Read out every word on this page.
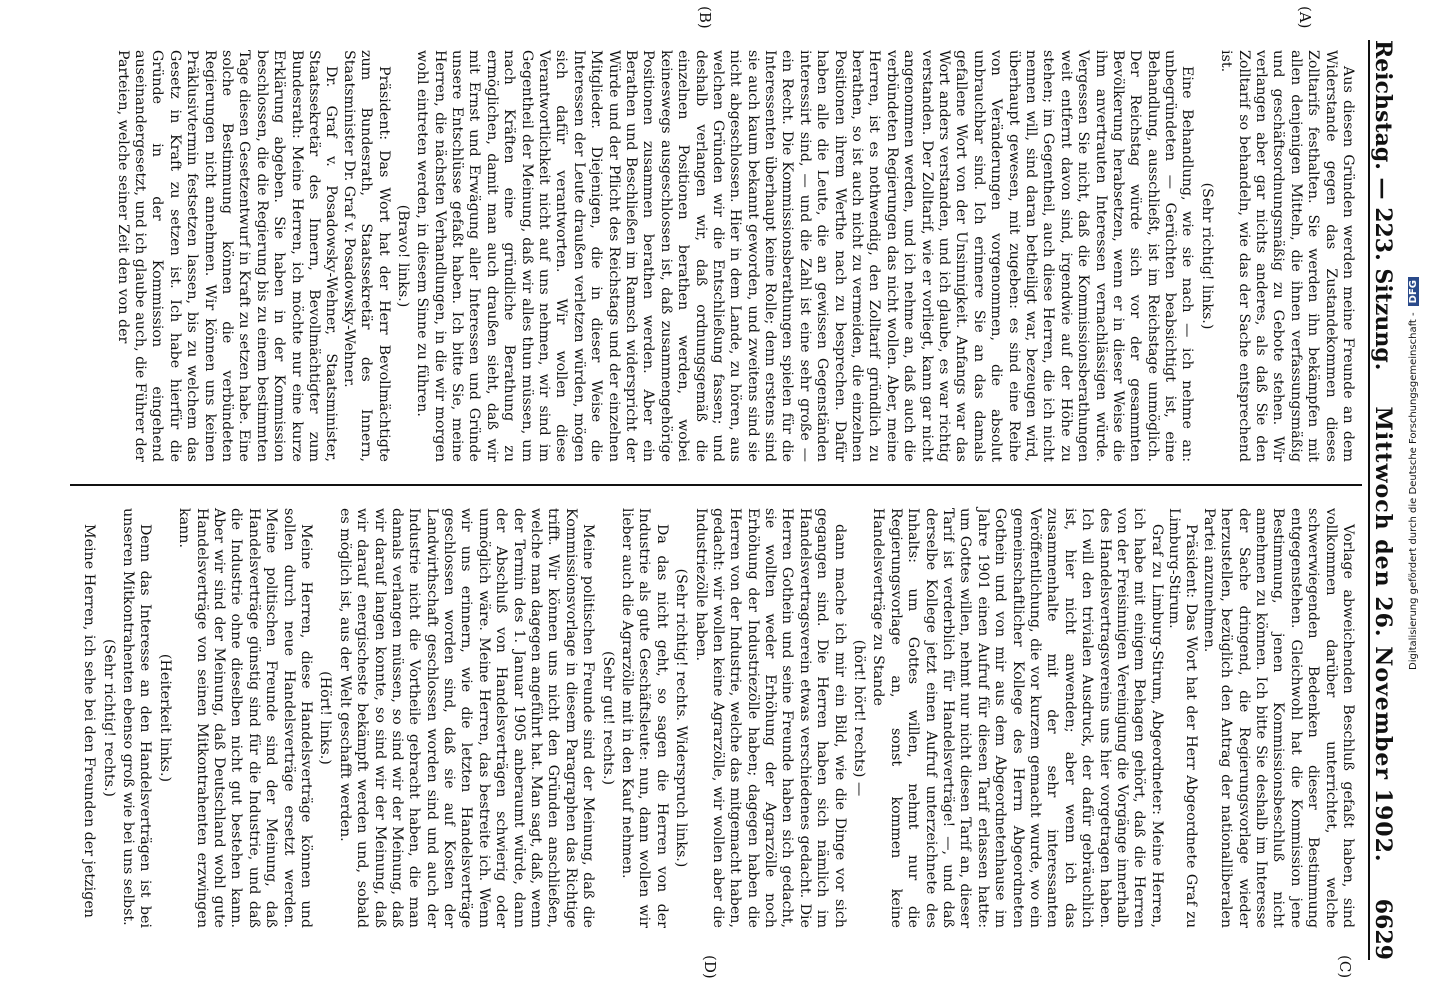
Reichstag. — 223. Sitzung.
Mittwoch den 26. November 1902.
6629
(A)
(B)
(C)
(D)

Aus diesen Gründen werden meine Freunde an dem Widerstande gegen das Zustandekommen dieses Zolltarifs festhalten. Sie werden ihn bekämpfen mit allen denjenigen Mitteln, die ihnen verfassungsmäßig und geschäftsordnungsmäßig zu Gebote stehen. Wir verlangen aber gar nichts anderes, als daß Sie den Zolltarif so behandeln, wie das der Sache entsprechend ist.

(Sehr richtig! links.)

Eine Behandlung, wie sie nach — ich nehme an: unbegründeten — Gerüchten beabsichtigt ist, eine Behandlung, ausschließt, ist im Reichstage unmöglich. Der Reichstag würde sich vor der gesammten Bevölkerung herabsetzen, wenn er in dieser Weise die ihm anvertrauten Interessen vernachlässigen würde. Vergessen Sie nicht, daß die Kommissionsberathungen weit entfernt davon sind, irgendwie auf der Höhe zu stehen; im Gegentheil, auch diese Herren, die ich nicht nennen will, sind daran betheiligt war, bezeugen wird, überhaupt gewesen, mit zugeben: es sind eine Reihe von Veränderungen vorgenommen, die absolut unbrauchbar sind. Ich erinnere Sie an das damals gefallene Wort von der Unsinnigkeit. Anfangs war das Wort anders verstanden, und ich glaube, es war richtig verstanden. Der Zolltarif, wie er vorliegt, kann gar nicht angenommen werden, und ich nehme an, daß auch die verbündeten Regierungen das nicht wollen. Aber, meine Herren, ist es nothwendig, den Zolltarif gründlich zu berathen, so ist auch nicht zu vermeiden, die einzelnen Positionen ihrem Werthe nach zu besprechen. Dafür haben alle die Leute, die an gewissen Gegenständen interessirt sind, — und die Zahl ist eine sehr große — ein Recht. Die Kommissionsberathungen spielen für die Interessenten überhaupt keine Rolle; denn erstens sind sie auch kaum bekannt geworden, und zweitens sind sie nicht abgeschlossen. Hier in dem Lande, zu hören, aus welchen Gründen wir die Entschließung fassen; und deshalb verlangen wir, daß ordnungsgemäß die einzelnen Positionen berathen werden, wobei keineswegs ausgeschlossen ist, daß zusammengehörige Positionen zusammen berathen werden. Aber ein Berathen und Beschließen im Ramsch widerspricht der Würde und der Pflicht des Reichstags und der einzelnen Mitglieder. Diejenigen, die in dieser Weise die Interessen der Leute draußen verletzen würden, mögen sich dafür verantworten. Wir wollen diese Verantwortlichkeit nicht auf uns nehmen, wir sind im Gegentheil der Meinung, daß wir alles thun müssen, um nach Kräften eine gründliche Berathung zu ermöglichen, damit man auch draußen sieht, daß wir mit Ernst und Erwägung aller Interessen und Gründe unsere Entschlüsse gefaßt haben. Ich bitte Sie, meine Herren, die nächsten Verhandlungen, in die wir morgen wohl eintreten werden, in diesem Sinne zu führen.

(Bravo! links.)

Präsident: Das Wort hat der Herr Bevollmächtigte zum Bundesrath, Staatssekretär des Innern, Staatsminister Dr. Graf v. Posadowsky-Wehner.

Dr. Graf v. Posadowsky-Wehner, Staatsminister, Staatssekretär des Innern, Bevollmächtigter zum Bundesrath: Meine Herren, ich möchte nur eine kurze Erklärung abgeben. Sie haben in der Kommission beschlossen, die die Regierung bis zu einem bestimmten Tage diesen Gesetzentwurf in Kraft zu setzen habe. Eine solche Bestimmung können die verbündeten Regierungen nicht annehmen. Wir können uns keinen Präklusivtermin festsetzen lassen, bis zu welchem das Gesetz in Kraft zu setzen ist. Ich habe hierfür die Gründe in der Kommission eingehend auseinandergesetzt, und ich glaube auch, die Führer der Parteien, welche seiner Zeit den von der

Vorlage abweichenden Beschluß gefaßt haben, sind vollkommen darüber unterrichtet, welche schwerwiegenden Bedenken dieser Bestimmung entgegenstehen. Gleichwohl hat die Kommission jene Bestimmung, jenen Kommissionsbeschluß nicht annehmen zu können. Ich bitte Sie deshalb im Interesse der Sache dringend, die Regierungsvorlage wieder herzustellen, bezüglich den Antrag der nationalliberalen Partei anzunehmen.

Präsident: Das Wort hat der Herr Abgeordnete Graf zu Limburg-Stirum.

Graf zu Limburg-Stirum, Abgeordneter: Meine Herren, ich habe mit einigem Behagen gehört, daß die Herren von der Freisinnigen Vereinigung die Vorgänge innerhalb des Handelsvertragsvereins uns hier vorgetragen haben. Ich will den trivialen Ausdruck, der dafür gebräuchlich ist, hier nicht anwenden; aber wenn ich das zusammenhalte mit der sehr interessanten Veröffentlichung, die vor kurzem gemacht wurde, wo ein gemeinschaftlicher Kollege des Herrn Abgeordneten Gothein und von mir aus dem Abgeordnetenhause im Jahre 1901 einen Aufruf für diesen Tarif erlassen hatte: um Gottes willen, nehmt nur nicht diesen Tarif an, dieser Tarif ist verderblich für Handelsverträge! —, und daß derselbe Kollege jetzt einen Aufruf unterzeichnete des Inhalts: um Gottes willen, nehmt nur die Regierungsvorlage an, sonst kommen keine Handelsverträge zu Stande

(hört! hört! rechts) —

dann mache ich mir ein Bild, wie die Dinge vor sich gegangen sind. Die Herren haben sich nämlich im Handelsvertragsverein etwas verschiedenes gedacht. Die Herren Gothein und seine Freunde haben sich gedacht, sie wollten weder Erhöhung der Agrarzölle noch Erhöhung der Industriezölle haben; dagegen haben die Herren von der Industrie, welche das mitgemacht haben, gedacht: wir wollen keine Agrarzölle, wir wollen aber die Industriezölle haben.

(Sehr richtig! rechts. Widerspruch links.)

Da das nicht geht, so sagen die Herren von der Industrie als gute Geschäftsleute: nun, dann wollen wir lieber auch die Agrarzölle mit in den Kauf nehmen.

(Sehr gut! rechts.)

Meine politischen Freunde sind der Meinung, daß die Kommissionsvorlage in diesem Paragraphen das Richtige trifft. Wir können uns nicht den Gründen anschließen, welche man dagegen angeführt hat. Man sagt, daß, wenn der Termin des 1. Januar 1905 anberaumt würde, dann der Abschluß von Handelsverträgen schwierig oder unmöglich wäre. Meine Herren, das bestreite ich. Wenn wir uns erinnern, wie die letzten Handelsverträge geschlossen worden sind, daß sie auf Kosten der Landwirthschaft geschlossen worden sind und auch der Industrie nicht die Vortheile gebracht haben, die man damals verlangen müssen, so sind wir der Meinung, daß wir darauf langen konnte, so sind wir der Meinung, daß wir darauf energischeste bekämpft werden und, sobald es möglich ist, aus der Welt geschafft werden.

(Hört! links.)

Meine Herren, diese Handelsverträge können und sollen durch neue Handelsverträge ersetzt werden. Meine politischen Freunde sind der Meinung, daß Handelsverträge günstig sind für die Industrie, und daß die Industrie ohne dieselben nicht gut bestehen kann. Aber wir sind der Meinung, daß Deutschland wohl gute Handelsverträge von seinen Mitkontrahenten erzwingen kann.

(Heiterkeit links.)

Denn das Interesse an den Handelsverträgen ist bei unseren Mitkontrahenten ebenso groß wie bei uns selbst.

(Sehr richtig! rechts.)

Meine Herren, ich sehe bei den Freunden der jetzigen

Digitalisierung gefördert durch die Deutsche Forschungsgemeinschaft -DFG
